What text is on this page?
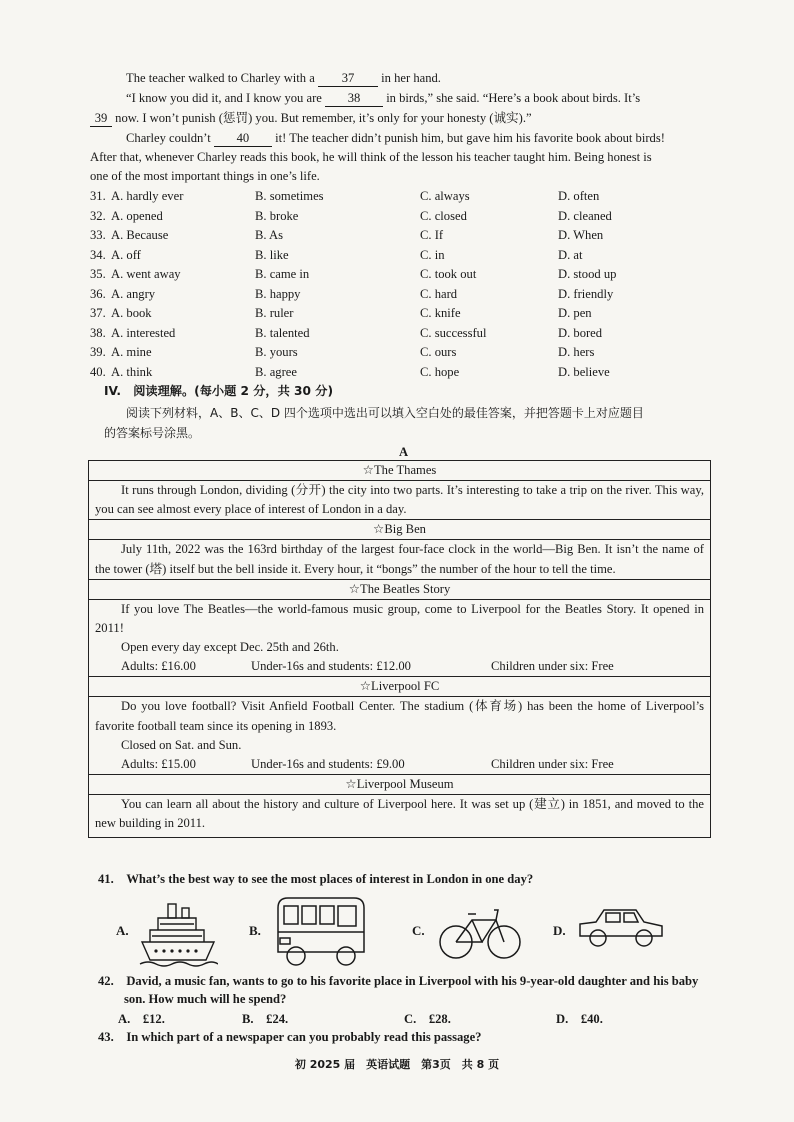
The teacher walked to Charley with a 37 in her hand.
“I know you did it, and I know you are 38 in birds,” she said. “Here’s a book about birds. It’s
39 now. I won’t punish (惩罚) you. But remember, it’s only for your honesty (诚实).”
Charley couldn’t 40 it! The teacher didn’t punish him, but gave him his favorite book about birds!
After that, whenever Charley reads this book, he will think of the lesson his teacher taught him. Being honest is
one of the most important things in one’s life.
31. A. hardly ever	B. sometimes	C. always	D. often
32. A. opened	B. broke	C. closed	D. cleaned
33. A. Because	B. As	C. If	D. When
34. A. off	B. like	C. in	D. at
35. A. went away	B. came in	C. took out	D. stood up
36. A. angry	B. happy	C. hard	D. friendly
37. A. book	B. ruler	C. knife	D. pen
38. A. interested	B. talented	C. successful	D. bored
39. A. mine	B. yours	C. ours	D. hers
40. A. think	B. agree	C. hope	D. believe
IV.　阅读理解。(每小题 2 分，共 30 分)
阅读下列材料，A、B、C、D 四个选项中选出可以填入空白处的最佳答案，并把答题卡上对应题目
的答案标号涂黑。
A
☆The Thames

It runs through London, dividing (分开) the city into two parts. It’s interesting to take a trip on the river. This way, you can see almost every place of interest of London in a day.

☆Big Ben

July 11th, 2022 was the 163rd birthday of the largest four-face clock in the world—Big Ben. It isn’t the name of the tower (塔) itself but the bell inside it. Every hour, it “bongs” the number of the hour to tell the time.

☆The Beatles Story

If you love The Beatles—the world-famous music group, come to Liverpool for the Beatles Story. It opened in 2011!

Open every day except Dec. 25th and 26th.

Adults: £16.00	Under-16s and students: £12.00	Children under six: Free
☆Liverpool FC

Do you love football? Visit Anfield Football Center. The stadium (体育场) has been the home of Liverpool’s favorite football team since its opening in 1893.

Closed on Sat. and Sun.

Adults: £15.00	Under-16s and students: £9.00	Children under six: Free
☆Liverpool Museum

You can learn all about the history and culture of Liverpool here. It was set up (建立) in 1851, and moved to the new building in 2011.

41.　What’s the best way to see the most places of interest in London in one day?
A.	B.	C.	D.
42.　David, a music fan, wants to go to his favorite place in Liverpool with his 9-year-old daughter and his baby
son. How much will he spend?
A.　£12.	B.　£24.	C.　£28.	D.　£40.
43.　In which part of a newspaper can you probably read this passage?
初 2025 届　英语试题　第3页　共 8 页
